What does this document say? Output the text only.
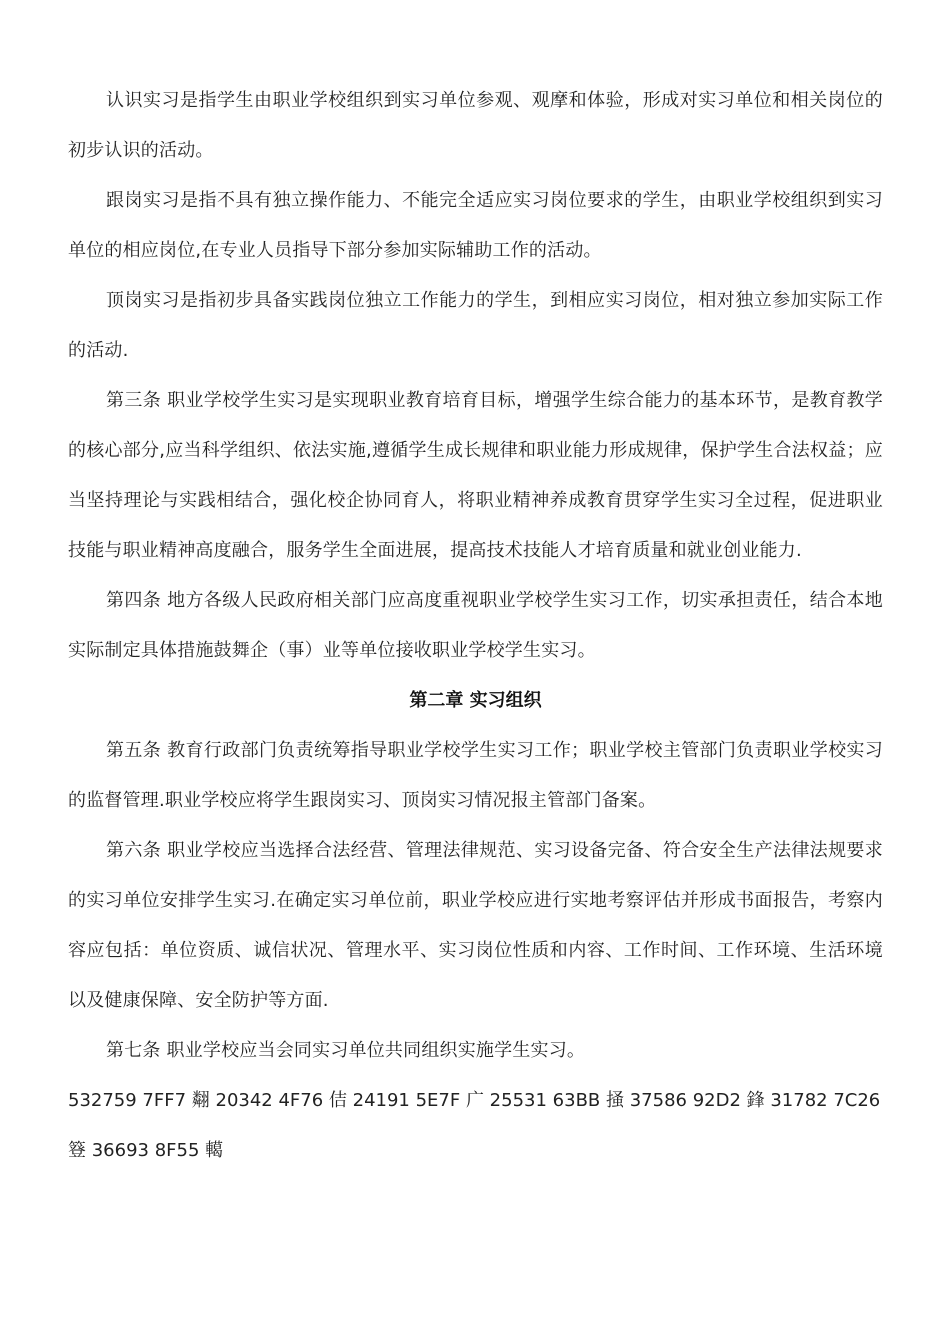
认识实习是指学生由职业学校组织到实习单位参观、观摩和体验，形成对实习单位和相关岗位的初步认识的活动。

跟岗实习是指不具有独立操作能力、不能完全适应实习岗位要求的学生，由职业学校组织到实习单位的相应岗位,在专业人员指导下部分参加实际辅助工作的活动。

顶岗实习是指初步具备实践岗位独立工作能力的学生，到相应实习岗位，相对独立参加实际工作的活动.

第三条 职业学校学生实习是实现职业教育培育目标，增强学生综合能力的基本环节，是教育教学的核心部分,应当科学组织、依法实施,遵循学生成长规律和职业能力形成规律，保护学生合法权益；应当坚持理论与实践相结合，强化校企协同育人，将职业精神养成教育贯穿学生实习全过程，促进职业技能与职业精神高度融合，服务学生全面进展，提高技术技能人才培育质量和就业创业能力.

第四条 地方各级人民政府相关部门应高度重视职业学校学生实习工作，切实承担责任，结合本地实际制定具体措施鼓舞企（事）业等单位接收职业学校学生实习。

第二章 实习组织

第五条 教育行政部门负责统筹指导职业学校学生实习工作；职业学校主管部门负责职业学校实习的监督管理.职业学校应将学生跟岗实习、顶岗实习情况报主管部门备案。

第六条 职业学校应当选择合法经营、管理法律规范、实习设备完备、符合安全生产法律法规要求的实习单位安排学生实习.在确定实习单位前，职业学校应进行实地考察评估并形成书面报告，考察内容应包括：单位资质、诚信状况、管理水平、实习岗位性质和内容、工作时间、工作环境、生活环境以及健康保障、安全防护等方面.

第七条 职业学校应当会同实习单位共同组织实施学生实习。

532759 7FF7 翷 20342 4F76 佶 24191 5E7F 广 25531 63BB 掻 37586 92D2 鋒 31782 7C26 簦 36693 8F55 轕
